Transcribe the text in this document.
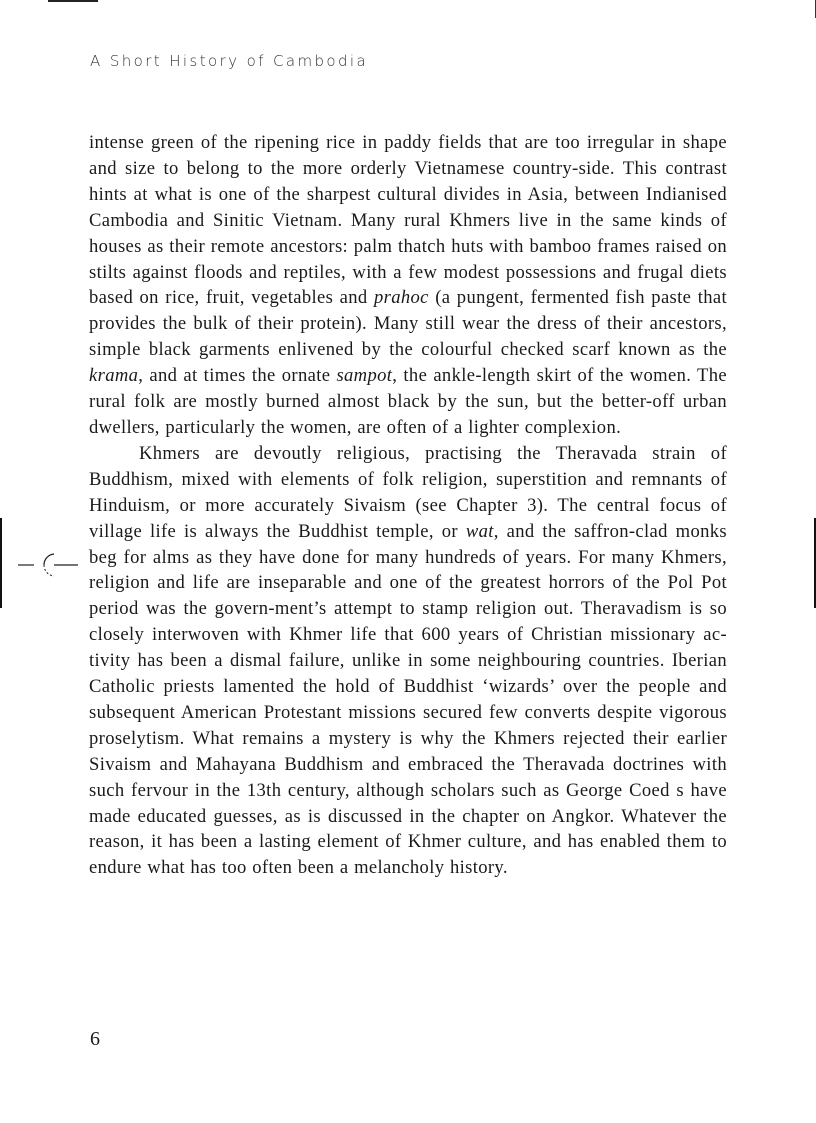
A Short History of Cambodia

intense green of the ripening rice in paddy fields that are too irregular in shape and size to belong to the more orderly Vietnamese country-side. This contrast hints at what is one of the sharpest cultural divides in Asia, between Indianised Cambodia and Sinitic Vietnam. Many rural Khmers live in the same kinds of houses as their remote ancestors: palm thatch huts with bamboo frames raised on stilts against floods and reptiles, with a few modest possessions and frugal diets based on rice, fruit, vegetables and prahoc (a pungent, fermented fish paste that provides the bulk of their protein). Many still wear the dress of their ancestors, simple black garments enlivened by the colourful checked scarf known as the krama, and at times the ornate sampot, the ankle-length skirt of the women. The rural folk are mostly burned almost black by the sun, but the better-off urban dwellers, particularly the women, are often of a lighter complexion.

Khmers are devoutly religious, practising the Theravada strain of Buddhism, mixed with elements of folk religion, superstition and remnants of Hinduism, or more accurately Sivaism (see Chapter 3). The central focus of village life is always the Buddhist temple, or wat, and the saffron-clad monks beg for alms as they have done for many hundreds of years. For many Khmers, religion and life are inseparable and one of the greatest horrors of the Pol Pot period was the govern-ment’s attempt to stamp religion out. Theravadism is so closely interwoven with Khmer life that 600 years of Christian missionary ac-tivity has been a dismal failure, unlike in some neighbouring countries. Iberian Catholic priests lamented the hold of Buddhist ‘wizards’ over the people and subsequent American Protestant missions secured few converts despite vigorous proselytism. What remains a mystery is why the Khmers rejected their earlier Sivaism and Mahayana Buddhism and embraced the Theravada doctrines with such fervour in the 13th century, although scholars such as George Coed s have made educated guesses, as is discussed in the chapter on Angkor. Whatever the reason, it has been a lasting element of Khmer culture, and has enabled them to endure what has too often been a melancholy history.

6
